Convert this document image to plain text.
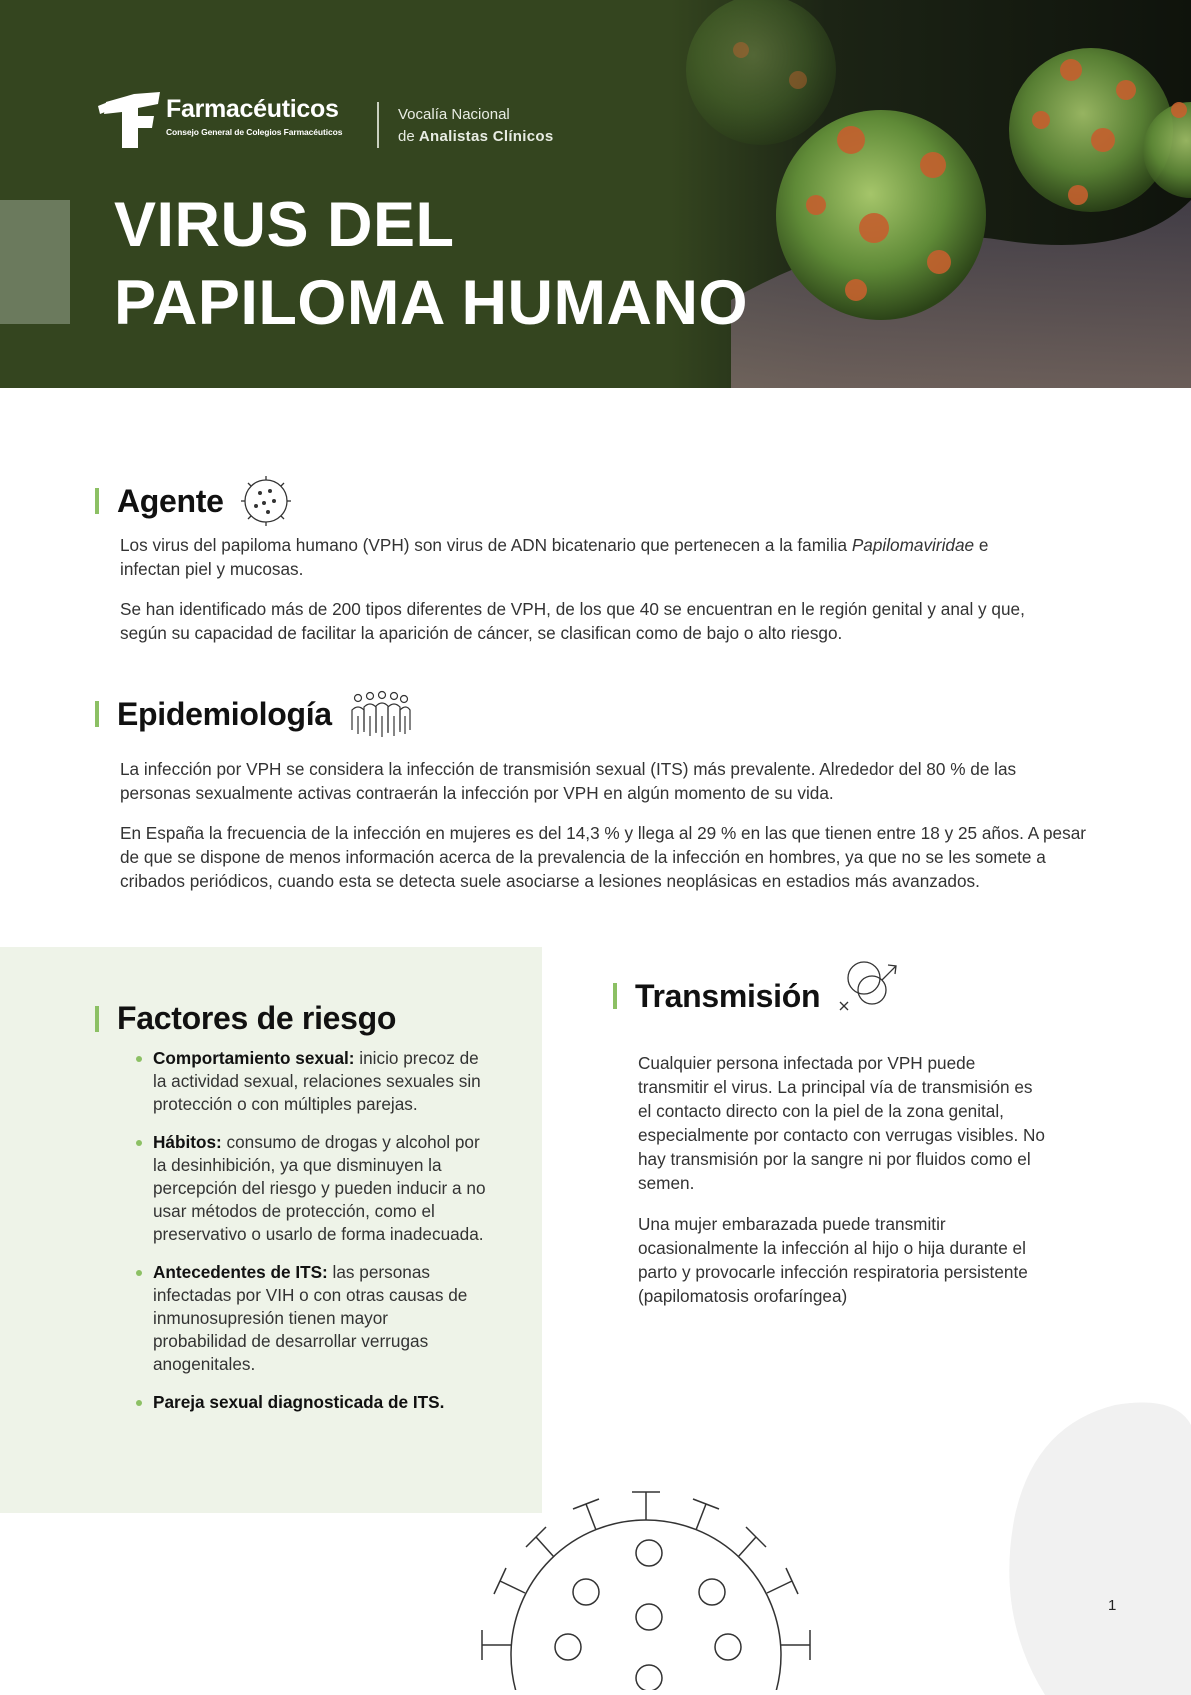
Farmacéuticos
Consejo General de Colegios Farmacéuticos
Vocalía Nacional
de Analistas Clínicos
VIRUS DEL
PAPILOMA HUMANO
Agente

Los virus del papiloma humano (VPH) son virus de ADN bicatenario que pertenecen a la familia Papilomaviridae e infectan piel y mucosas.

Se han identificado más de 200 tipos diferentes de VPH, de los que 40 se encuentran en le región genital y anal y que, según su capacidad de facilitar la aparición de cáncer, se clasifican como de bajo o alto riesgo.

Epidemiología

La infección por VPH se considera la infección de transmisión sexual (ITS) más prevalente. Alrededor del 80 % de las personas sexualmente activas contraerán la infección por VPH en algún momento de su vida.

En España la frecuencia de la infección en mujeres es del 14,3 % y llega al 29 % en las que tienen entre 18 y 25 años. A pesar de que se dispone de menos información acerca de la prevalencia de la infección en hombres, ya que no se les somete a cribados periódicos, cuando esta se detecta suele asociarse a lesiones neoplásicas en estadios más avanzados.

Factores de riesgo
Comportamiento sexual: inicio precoz de la actividad sexual, relaciones sexuales sin protección o con múltiples parejas.
Hábitos: consumo de drogas y alcohol por la desinhibición, ya que disminuyen la percepción del riesgo y pueden inducir a no usar métodos de protección, como el preservativo o usarlo de forma inadecuada.
Antecedentes de ITS: las personas infectadas por VIH o con otras causas de inmunosupresión tienen mayor probabilidad de desarrollar verrugas anogenitales.
Pareja sexual diagnosticada de ITS.
Transmisión

Cualquier persona infectada por VPH puede transmitir el virus. La principal vía de transmisión es el contacto directo con la piel de la zona genital, especialmente por contacto con verrugas visibles. No hay transmisión por la sangre ni por fluidos como el semen.

Una mujer embarazada puede transmitir ocasionalmente la infección al hijo o hija durante el parto y provocarle infección respiratoria persistente (papilomatosis orofaríngea)

1
